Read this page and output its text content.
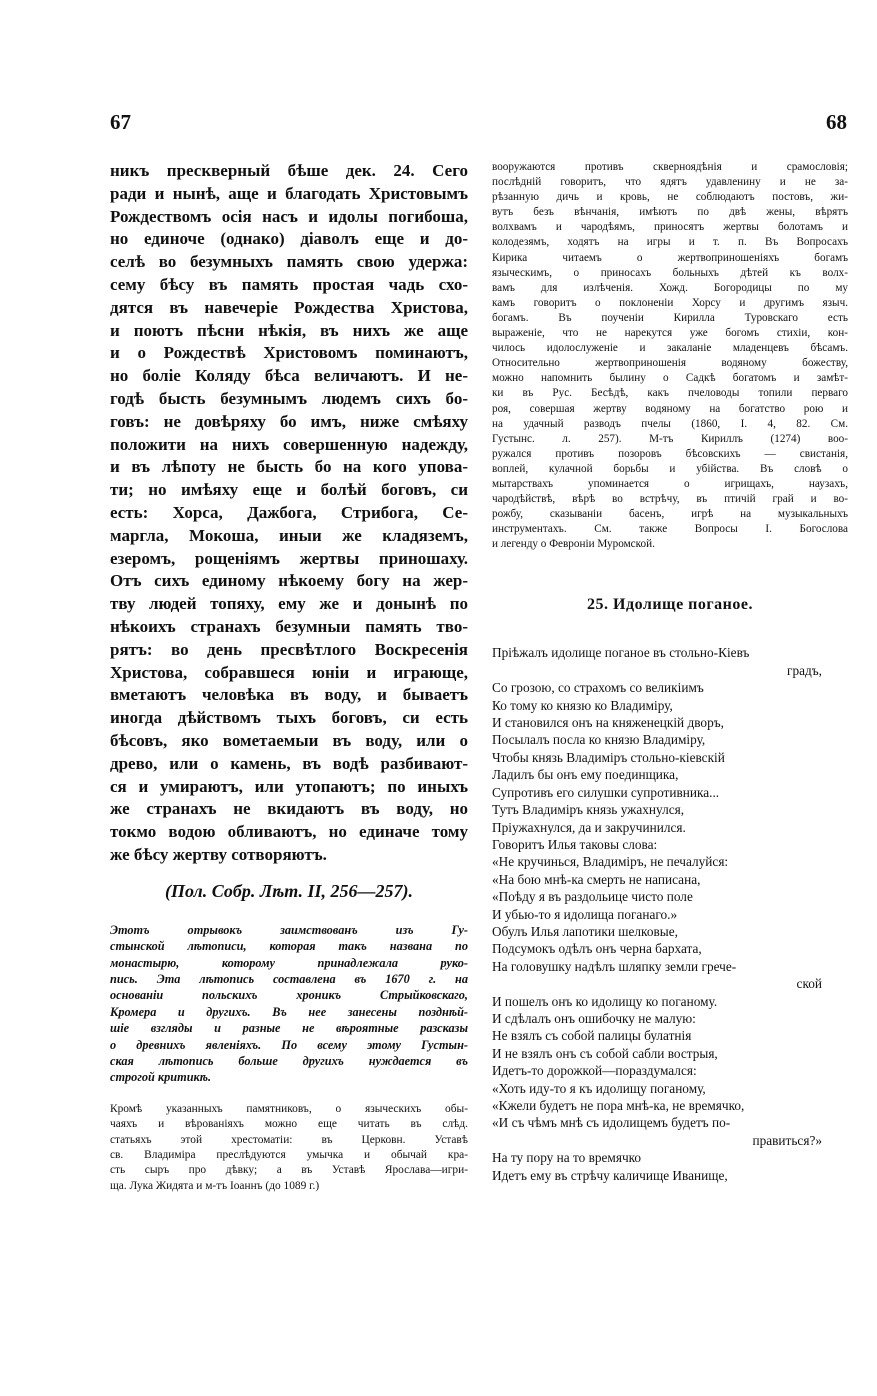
67	68
никъ прескверный бѣше дек. 24. Сего
ради и нынѣ, аще и благодать Христовымъ
Рождествомъ осія насъ и идолы погибоша,
но единоче (однако) діаволъ еще и до-
селѣ во безумныхъ память свою удержа:
сему бѣсу въ память простая чадь схо-
дятся въ навечеріе Рождества Христова,
и поютъ пѣсни нѣкія, въ нихъ же аще
и о Рождествѣ Христовомъ поминаютъ,
но боліе Коляду бѣса величаютъ. И не-
годѣ бысть безумнымъ людемъ сихъ бо-
говъ: не довѣряху бо имъ, ниже смѣяху
положити на нихъ совершенную надежду,
и въ лѣпоту не бысть бо на кого упова-
ти; но имѣяху еще и болѣй боговъ, си
есть: Хорса, Дажбога, Стрибога, Се-
маргла, Мокоша, иныи же кладяземъ,
езеромъ, рощеніямъ жертвы приношаху.
Отъ сихъ единому нѣкоему богу на жер-
тву людей топяху, ему же и донынѣ по
нѣкоихъ странахъ безумныи память тво-
рятъ: во день пресвѣтлого Воскресенія
Христова, собравшеся юніи и играюще,
вметаютъ человѣка въ воду, и бываетъ
иногда дѣйствомъ тыхъ боговъ, си есть
бѣсовъ, яко вометаемыи въ воду, или о
древо, или о камень, въ водѣ разбивают-
ся и умираютъ, или утопаютъ; по иныхъ
же странахъ не вкидаютъ въ воду, но
токмо водою обливаютъ, но единаче тому
же бѣсу жертву сотворяютъ.
(Пол. Собр. Лѣт. II, 256—257).
Этотъ отрывокъ заимствованъ изъ Гу-
стынской лѣтописи, которая такъ названа по
монастырю, которому принадлежала руко-
пись. Эта лѣтопись составлена въ 1670 г. на
основаніи польскихъ хроникъ Стрыйковскаго,
Кромера и другихъ. Въ нее занесены позднѣй-
шіе взгляды и разные не вѣроятные разсказы
о древнихъ явленіяхъ. По всему этому Густын-
ская лѣтопись больше другихъ нуждается въ
строгой критикѣ.
Кромѣ указанныхъ памятниковъ, о языческихъ обы-
чаяхъ и вѣрованіяхъ можно еще читать въ слѣд.
статьяхъ этой хрестоматіи: въ Церковн. Уставѣ
св. Владиміра преслѣдуются умычка и обычай кра-
сть сыръ про дѣвку; а въ Уставѣ Ярослава—игри-
ща. Лука Жидята и м-тъ Іоаннъ (до 1089 г.)
вооружаются противъ скверноядѣнія и срамословія;
послѣдній говоритъ, что ядятъ удавленину и не за-
рѣзанную дичь и кровь, не соблюдаютъ постовъ, жи-
вутъ безъ вѣнчанія, имѣютъ по двѣ жены, вѣрятъ
волхвамъ и чародѣямъ, приносятъ жертвы болотамъ и
колодезямъ, ходятъ на игры и т. п. Въ Вопросахъ
Кирика читаемъ о жертвоприношеніяхъ богамъ
языческимъ, о приносахъ больныхъ дѣтей къ волх-
вамъ для излѣченія. Хожд. Богородицы по му
камъ говоритъ о поклоненіи Хорсу и другимъ языч.
богамъ. Въ поученіи Кирилла Туровскаго есть
выраженіе, что не нарекутся уже богомъ стихіи, кон-
чилось идолослуженіе и закаланіе младенцевъ бѣсамъ.
Относительно жертвоприношенія водяному божеству,
можно напомнить былину о Садкѣ богатомъ и замѣт-
ки въ Рус. Бесѣдѣ, какъ пчеловоды топили перваго
роя, совершая жертву водяному на богатство рою и
на удачный разводъ пчелы (1860, I. 4, 82. См.
Густынс. л. 257). М-тъ Кириллъ (1274) воо-
ружался противъ позоровъ бѣсовскихъ — свистанія,
воплей, кулачной борьбы и убійства. Въ словѣ о
мытарствахъ упоминается о игрищахъ, наузахъ,
чародѣйствѣ, вѣрѣ во встрѣчу, въ птичій грай и во-
рожбу, сказываніи басенъ, игрѣ на музыкальныхъ
инструментахъ. См. также Вопросы I. Богослова
и легенду о Февроніи Муромской.
25. Идолище поганое.
Пріѣжалъ идолище поганое въ стольно-Кіевъ
градъ,
Со грозою, со страхомъ со великіимъ
Ко тому ко князю ко Владиміру,
И становился онъ на княженецкій дворъ,
Посылалъ посла ко князю Владиміру,
Чтобы князь Владиміръ стольно-кіевскій
Ладилъ бы онъ ему поединщика,
Супротивъ его силушки супротивника...
Тутъ Владиміръ князь ужахнулся,
Пріужахнулся, да и закручинился.
Говоритъ Илья таковы слова:
«Не кручинься, Владиміръ, не печалуйся:
«На бою мнѣ-ка смерть не написана,
«Поѣду я въ раздольице чисто поле
И убью-то я идолища поганаго.»
Обулъ Илья лапотики шелковые,
Подсумокъ одѣлъ онъ черна бархата,
На головушку надѣлъ шляпку земли грече-
ской
И пошелъ онъ ко идолищу ко поганому.
И сдѣлалъ онъ ошибочку не малую:
Не взялъ съ собой палицы булатнія
И не взялъ онъ съ собой сабли вострыя,
Идетъ-то дорожкой—пораздумался:
«Хоть иду-то я къ идолищу поганому,
«Кжели будетъ не пора мнѣ-ка, не времячко,
«И съ чѣмъ мнѣ съ идолищемъ будетъ по-
правиться?»
На ту пору на то времячко
Идетъ ему въ стрѣчу каличище Иванище,
